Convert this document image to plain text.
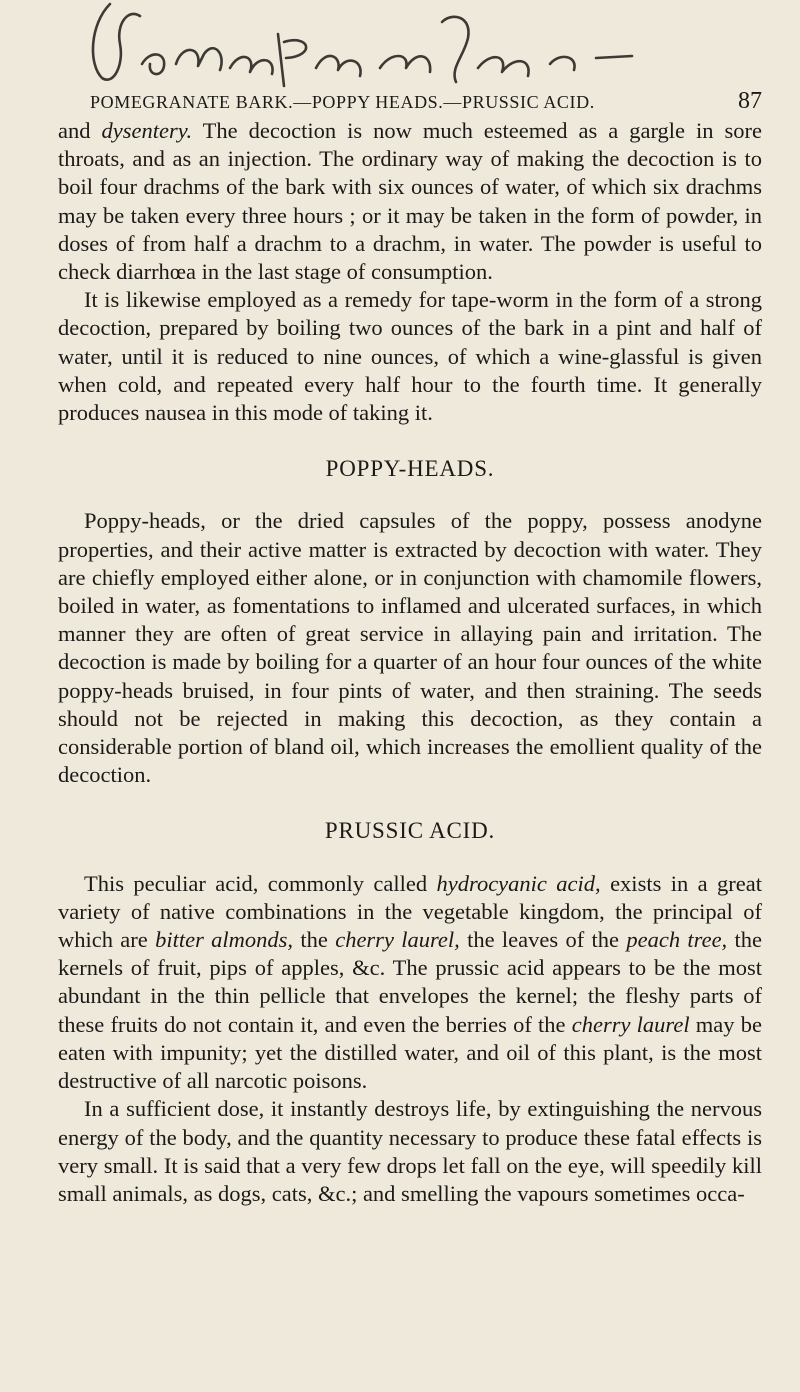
POMEGRANATE BARK.—POPPY HEADS.—PRUSSIC ACID.	87

and dysentery. The decoction is now much esteemed as a gargle in sore throats, and as an injection. The ordinary way of making the decoction is to boil four drachms of the bark with six ounces of water, of which six drachms may be taken every three hours ; or it may be taken in the form of powder, in doses of from half a drachm to a drachm, in water. The powder is useful to check diarrhœa in the last stage of consumption.

It is likewise employed as a remedy for tape-worm in the form of a strong decoction, prepared by boiling two ounces of the bark in a pint and half of water, until it is reduced to nine ounces, of which a wine-glassful is given when cold, and repeated every half hour to the fourth time. It generally produces nausea in this mode of taking it.

POPPY-HEADS.

Poppy-heads, or the dried capsules of the poppy, possess anodyne properties, and their active matter is extracted by decoction with water. They are chiefly employed either alone, or in conjunction with chamomile flowers, boiled in water, as fomentations to inflamed and ulcerated surfaces, in which manner they are often of great service in allaying pain and irritation. The decoction is made by boiling for a quarter of an hour four ounces of the white poppy-heads bruised, in four pints of water, and then straining. The seeds should not be rejected in making this decoction, as they contain a considerable portion of bland oil, which increases the emollient quality of the decoction.

PRUSSIC ACID.

This peculiar acid, commonly called hydrocyanic acid, exists in a great variety of native combinations in the vegetable kingdom, the principal of which are bitter almonds, the cherry laurel, the leaves of the peach tree, the kernels of fruit, pips of apples, &c. The prussic acid appears to be the most abundant in the thin pellicle that envelopes the kernel; the fleshy parts of these fruits do not contain it, and even the berries of the cherry laurel may be eaten with impunity; yet the distilled water, and oil of this plant, is the most destructive of all narcotic poisons.

In a sufficient dose, it instantly destroys life, by extinguishing the nervous energy of the body, and the quantity necessary to produce these fatal effects is very small. It is said that a very few drops let fall on the eye, will speedily kill small animals, as dogs, cats, &c.; and smelling the vapours sometimes occa-
